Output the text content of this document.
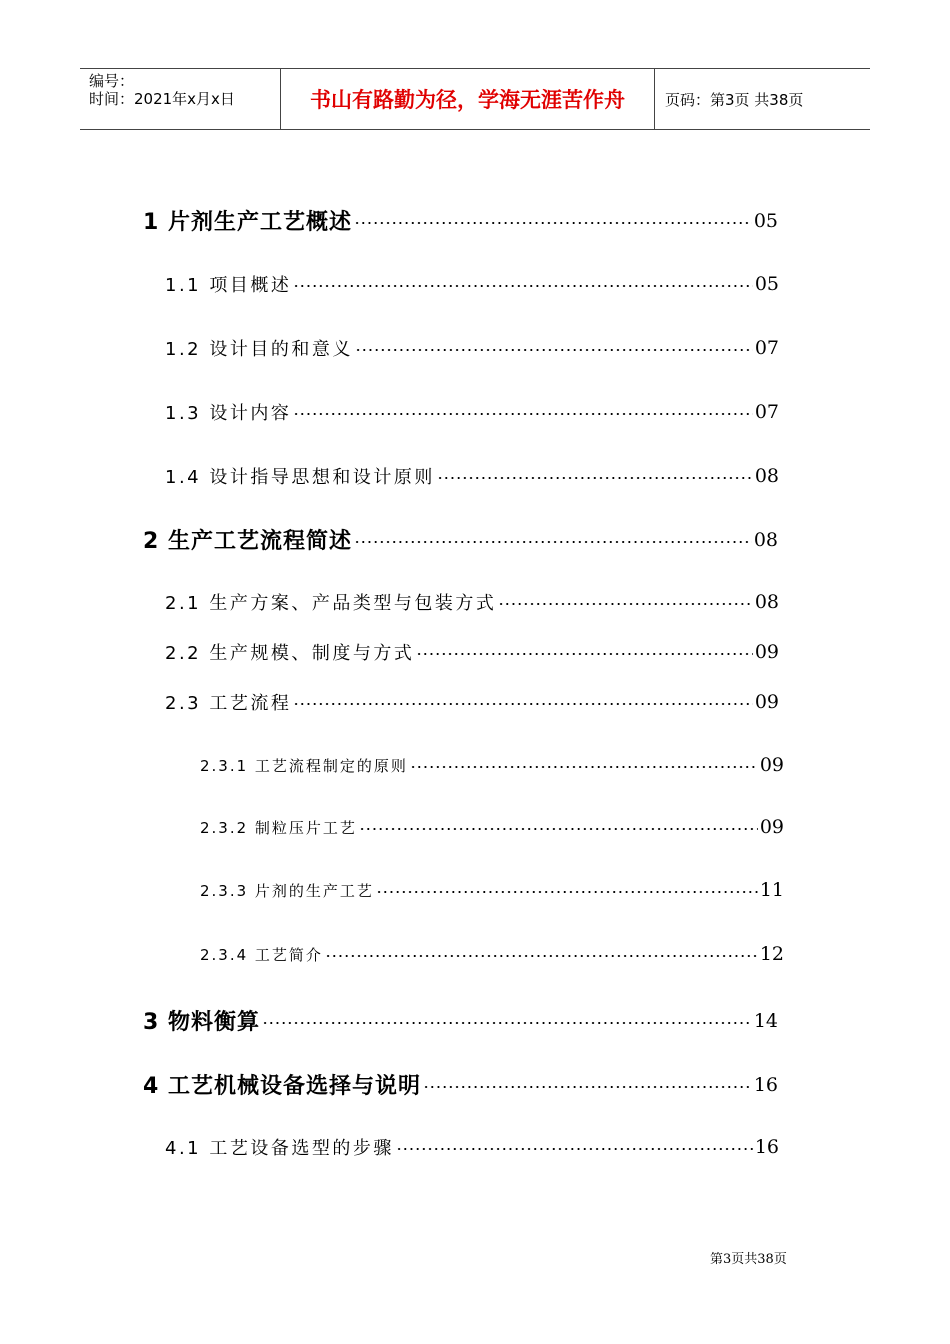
编号：
时间：2021年x月x日	书山有路勤为径，学海无涯苦作舟	页码：第3页 共38页
1 片剂生产工艺概述	05
1.1 项目概述	05
1.2 设计目的和意义	07
1.3 设计内容	07
1.4 设计指导思想和设计原则	08
2 生产工艺流程简述	08
2.1 生产方案、产品类型与包装方式	08
2.2 生产规模、制度与方式	09
2.3 工艺流程	09
2.3.1 工艺流程制定的原则	09
2.3.2 制粒压片工艺	09
2.3.3 片剂的生产工艺	11
2.3.4 工艺简介	12
3 物料衡算	14
4 工艺机械设备选择与说明	16
4.1 工艺设备选型的步骤	16
第3页共38页
